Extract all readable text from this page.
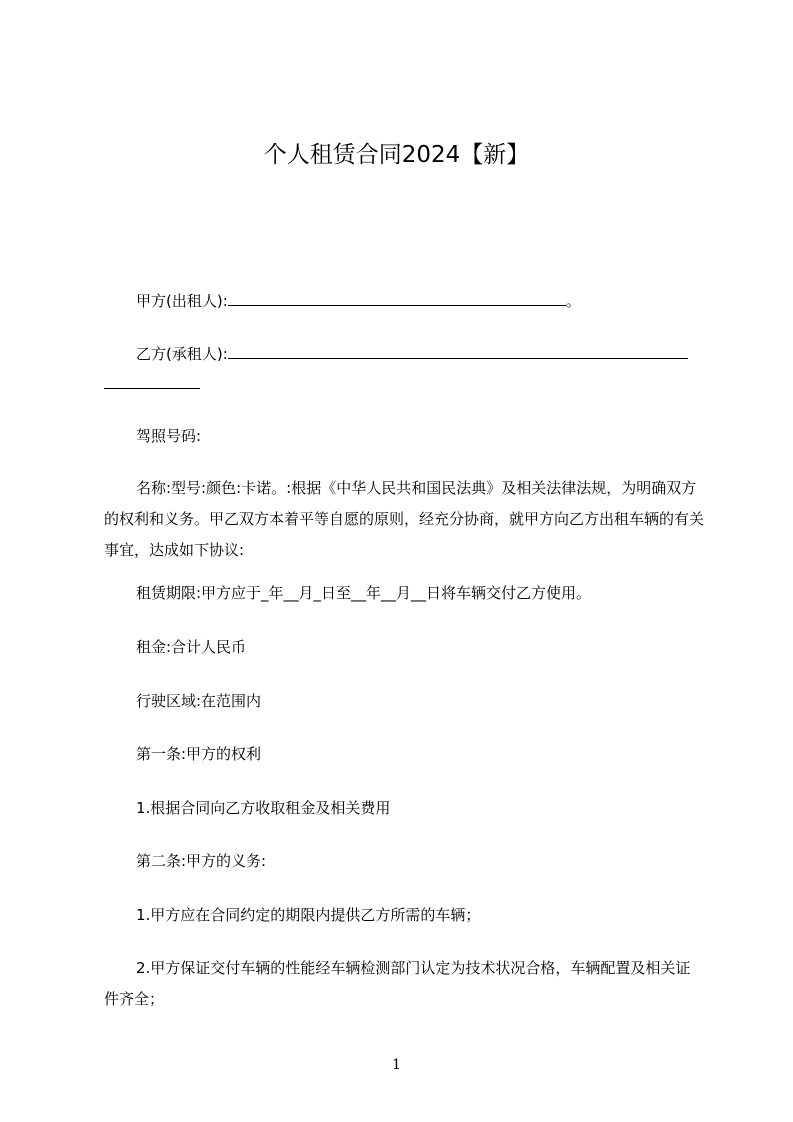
个人租赁合同2024【新】
甲方(出租人):	。
乙方(承租人):
驾照号码:
名称:型号:颜色:卡诺。:根据《中华人民共和国民法典》及相关法律法规，为明确双方的权利和义务。甲乙双方本着平等自愿的原则，经充分协商，就甲方向乙方出租车辆的有关事宜，达成如下协议:
租赁期限:甲方应于_年__月_日至__年__月__日将车辆交付乙方使用。
租金:合计人民币
行驶区域:在范围内
第一条:甲方的权利
1.根据合同向乙方收取租金及相关费用
第二条:甲方的义务:
1.甲方应在合同约定的期限内提供乙方所需的车辆；
2.甲方保证交付车辆的性能经车辆检测部门认定为技术状况合格，车辆配置及相关证件齐全；
1
